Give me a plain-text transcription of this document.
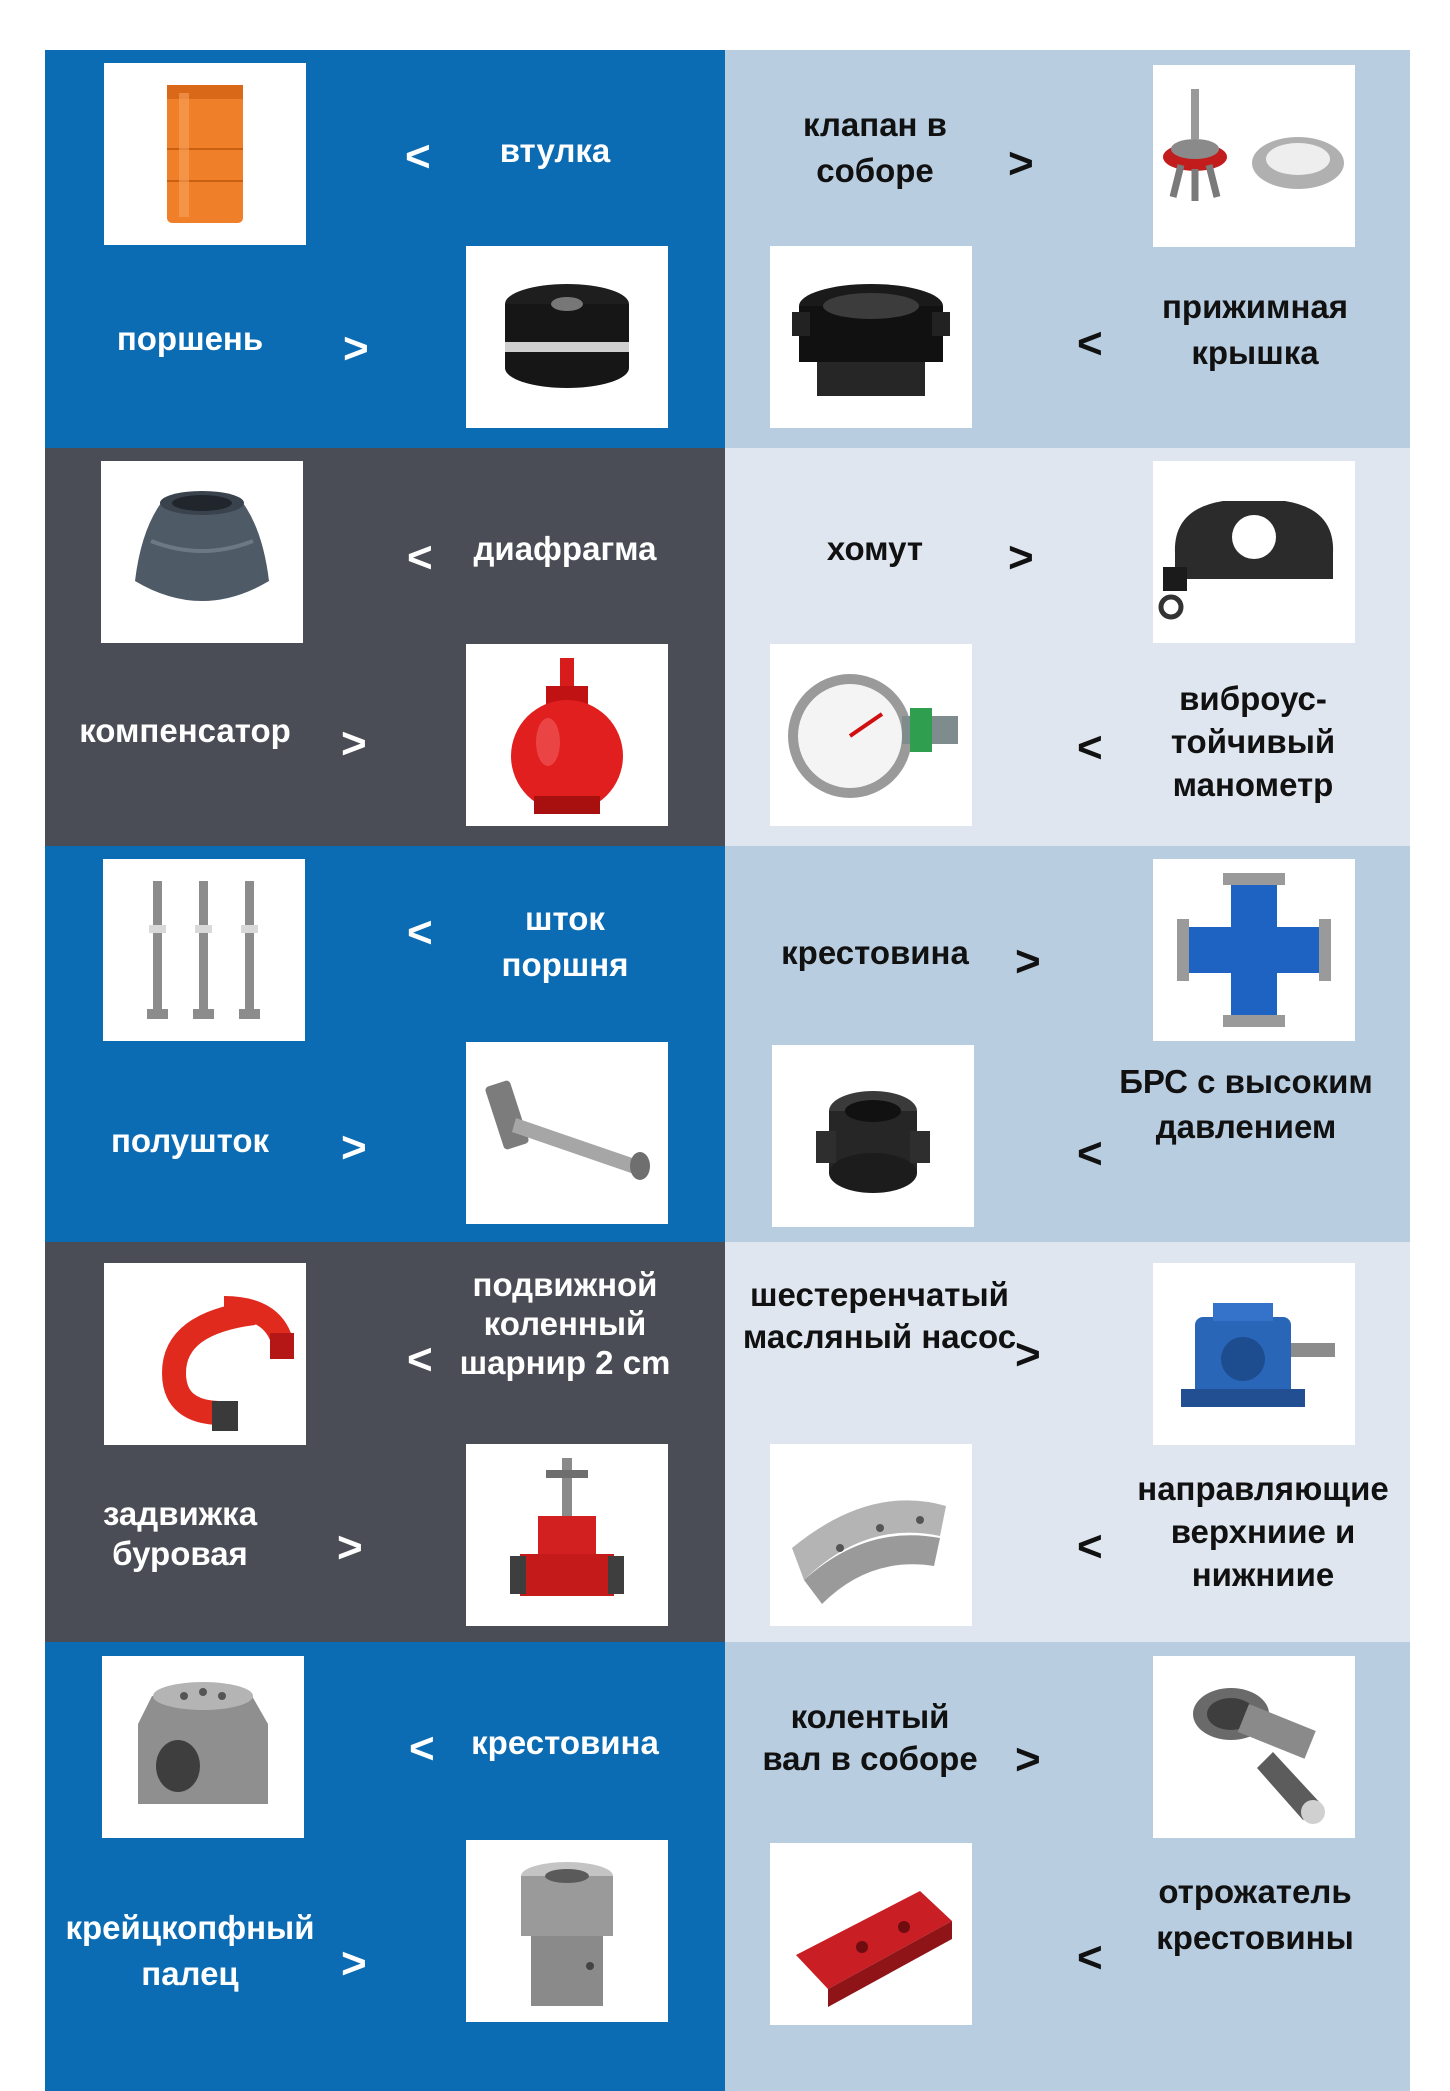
<	втулка
поршень	>
клапан в соборе	>
<
прижимная крышка
<	диафрагма
компенсатор	>
хомут	>
<
виброус-тойчивый манометр
<	шток поршня
полушток	>
крестовина	>
<
БРС с высоким давлением
<
подвижной коленный шарнир 2 cm
задвижка буровая	>
шестеренчатый масляный насос
>
<
направляющие верхниие и нижниие
<	крестовина
крейцкопфный палец	>
колентый вал в соборе >
<
отрожатель крестовины
